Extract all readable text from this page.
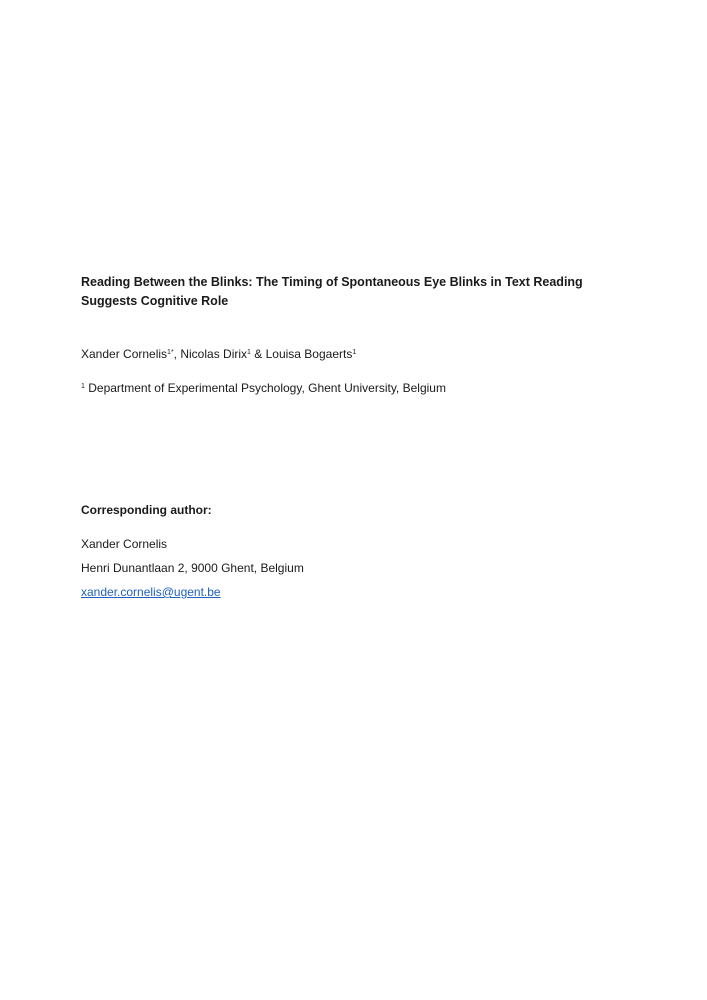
Reading Between the Blinks: The Timing of Spontaneous Eye Blinks in Text Reading Suggests Cognitive Role

Xander Cornelis$^{1*}$, Nicolas Dirix$^1$ & Louisa Bogaerts$^1$

$^1$ Department of Experimental Psychology, Ghent University, Belgium

Corresponding author:

Xander Cornelis

Henri Dunantlaan 2, 9000 Ghent, Belgium

xander.cornelis@ugent.be
